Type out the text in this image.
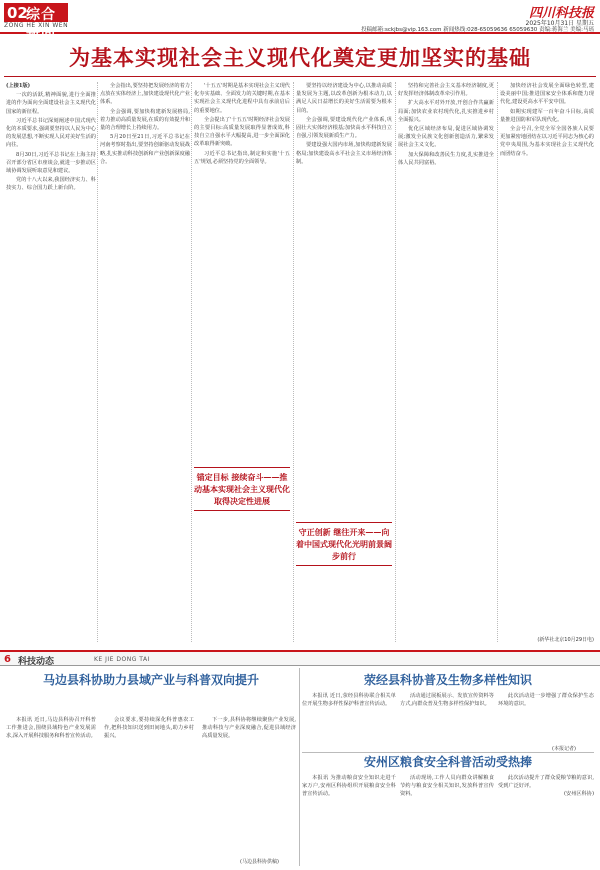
02
综合新闻
ZONG HE XIN WEN
四川科技报
2025年10月31日 星期五
投稿邮箱:sckjbs@vip.163.com 新闻热线:028-65059636 65059630 责编:蒋海兰 美编:马瑶
为基本实现社会主义现代化奠定更加坚实的基础

(上接1版)

一次的活跃,精神面貌,进行全面推进的作为面向全面建设社会主义现代化国家的新征程。

习近平总书记深刻阐述中国式现代化的本质要求,强调要坚持以人民为中心的发展思想,不断实现人民对美好生活的向往。

8月30日,习近平总书记在上海主持召开部分省区市座谈会,就进一步推动区域协调发展听取意见和建议。

党的十八大以来,我国经济实力、科技实力、综合国力跃上新台阶。

全会指出,要坚持把发展经济的着力点放在实体经济上,加快建设现代化产业体系。

全会强调,要加快构建新发展格局,着力推动高质量发展,在质的有效提升和量的合理增长上持续用力。

5月20日至21日,习近平总书记在河南考察时指出,要坚持创新驱动发展战略,扎实推动科技创新和产业创新深度融合。

'十五五'时期是基本实现社会主义现代化夯实基础、全面发力的关键时期,在基本实现社会主义现代化进程中具有承前启后的重要地位。

全会提出了'十五五'时期经济社会发展的主要目标:高质量发展取得显著成效,科技自立自强水平大幅提高,进一步全面深化改革取得新突破。

习近平总书记指出,制定和实施'十五五'规划,必须坚持党的全面领导。

要坚持以经济建设为中心,以推动高质量发展为主题,以改革创新为根本动力,以满足人民日益增长的美好生活需要为根本目的。

全会强调,要建设现代化产业体系,巩固壮大实体经济根基;加快高水平科技自立自强,引领发展新质生产力。

要建设强大国内市场,加快构建新发展格局;加快建设高水平社会主义市场经济体制。

坚持和完善社会主义基本经济制度,更好发挥经济体制改革牵引作用。

扩大高水平对外开放,开创合作共赢新局面;加快农业农村现代化,扎实推进乡村全面振兴。

优化区域经济布局,促进区域协调发展;激发全民族文化创新创造活力,繁荣发展社会主义文化。

加大保障和改善民生力度,扎实推进全体人民共同富裕。

加快经济社会发展全面绿色转型,建设美丽中国;推进国家安全体系和能力现代化,建设更高水平平安中国。

如期实现建军一百年奋斗目标,高质量推进国防和军队现代化。

全会号召,全党全军全国各族人民要更加紧密地团结在以习近平同志为核心的党中央周围,为基本实现社会主义现代化而团结奋斗。

锚定目标 接续奋斗——推动基本实现社会主义现代化取得决定性进展
守正创新 继往开来——向着中国式现代化光明前景阔步前行
(新华社北京10月29日电)
6 科技动态	KE JIE DONG TAI
马边县科协助力县域产业与科普双向提升

本报讯 近日,马边县科协召开科普工作推进会,围绕县域特色产业发展需求,深入开展科技服务和科普宣传活动。

会议要求,要持续深化科普惠农工作,把科技知识送到田间地头,助力乡村振兴。

下一步,县科协将继续聚焦产业发展,推动科技与产业深度融合,促进县域经济高质量发展。

(马边县科协供稿)
荥经县科协普及生物多样性知识

本报讯 近日,荥经县科协联合相关单位开展生物多样性保护科普宣传活动。

活动通过展板展示、发放宣传资料等方式,向群众普及生物多样性保护知识。

此次活动进一步增强了群众保护生态环境的意识。

(本报记者)
安州区粮食安全科普活动受热捧

本报讯 为推动粮食安全知识走进千家万户,安州区科协组织开展粮食安全科普宣传活动。

活动现场,工作人员向群众讲解粮食节约与粮食安全相关知识,发放科普宣传资料。

此次活动提升了群众爱粮节粮的意识,受到广泛好评。

(安州区科协)
